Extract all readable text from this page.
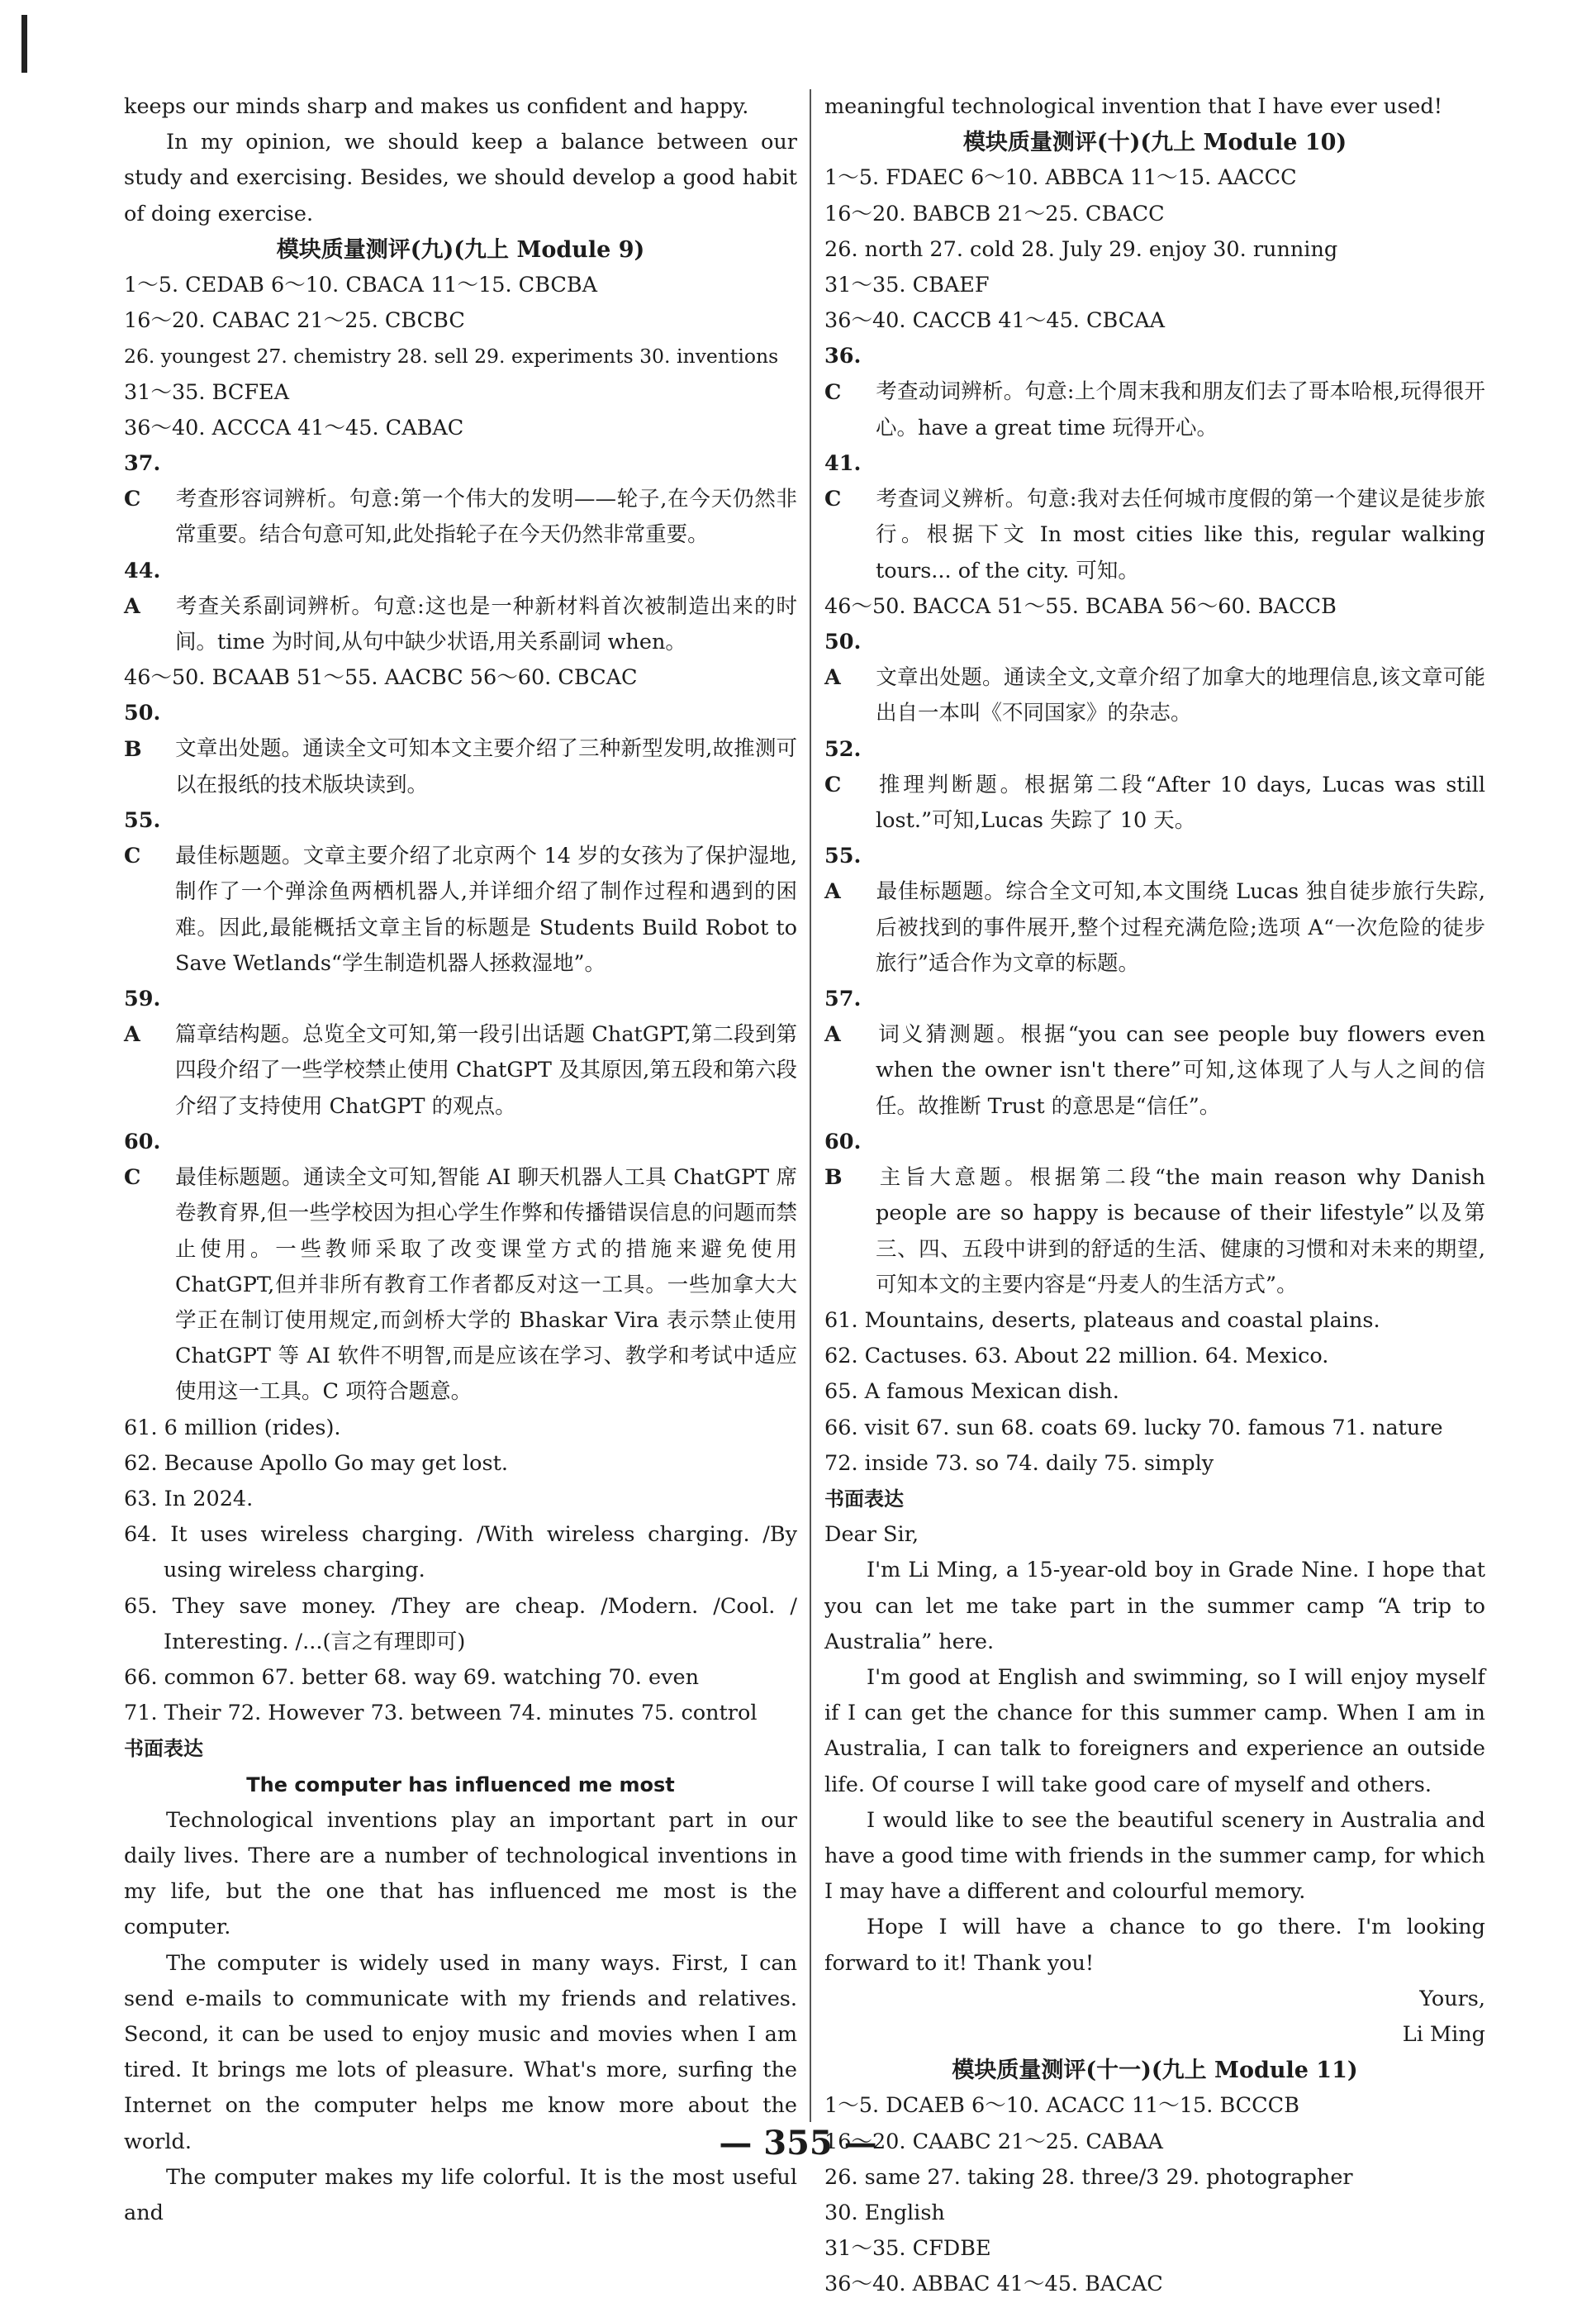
keeps our minds sharp and makes us confident and happy.

In my opinion, we should keep a balance between our study and exercising. Besides, we should develop a good habit of doing exercise.

模块质量测评(九)(九上 Module 9)

1～5. CEDAB 6～10. CBACA 11～15. CBCBA

16～20. CABAC 21～25. CBCBC

26. youngest 27. chemistry 28. sell 29. experiments 30. inventions

31～35. BCFEA

36～40. ACCCA 41～45. CABAC

37. C 考查形容词辨析。句意:第一个伟大的发明——轮子,在今天仍然非常重要。结合句意可知,此处指轮子在今天仍然非常重要。

44. A 考查关系副词辨析。句意:这也是一种新材料首次被制造出来的时间。time 为时间,从句中缺少状语,用关系副词 when。

46～50. BCAAB 51～55. AACBC 56～60. CBCAC

50. B 文章出处题。通读全文可知本文主要介绍了三种新型发明,故推测可以在报纸的技术版块读到。

55. C 最佳标题题。文章主要介绍了北京两个 14 岁的女孩为了保护湿地,制作了一个弹涂鱼两栖机器人,并详细介绍了制作过程和遇到的困难。因此,最能概括文章主旨的标题是 Students Build Robot to Save Wetlands“学生制造机器人拯救湿地”。

59. A 篇章结构题。总览全文可知,第一段引出话题 ChatGPT,第二段到第四段介绍了一些学校禁止使用 ChatGPT 及其原因,第五段和第六段介绍了支持使用 ChatGPT 的观点。

60. C 最佳标题题。通读全文可知,智能 AI 聊天机器人工具 ChatGPT 席卷教育界,但一些学校因为担心学生作弊和传播错误信息的问题而禁止使用。一些教师采取了改变课堂方式的措施来避免使用 ChatGPT,但并非所有教育工作者都反对这一工具。一些加拿大大学正在制订使用规定,而剑桥大学的 Bhaskar Vira 表示禁止使用 ChatGPT 等 AI 软件不明智,而是应该在学习、教学和考试中适应使用这一工具。C 项符合题意。

61. 6 million (rides).

62. Because Apollo Go may get lost.

63. In 2024.

64. It uses wireless charging. /With wireless charging. /By using wireless charging.

65. They save money. /They are cheap. /Modern. /Cool. / Interesting. /...(言之有理即可)

66. common 67. better 68. way 69. watching 70. even

71. Their 72. However 73. between 74. minutes 75. control

书面表达

The computer has influenced me most

Technological inventions play an important part in our daily lives. There are a number of technological inventions in my life, but the one that has influenced me most is the computer.

The computer is widely used in many ways. First, I can send e-mails to communicate with my friends and relatives. Second, it can be used to enjoy music and movies when I am tired. It brings me lots of pleasure. What's more, surfing the Internet on the computer helps me know more about the world.

The computer makes my life colorful. It is the most useful and

meaningful technological invention that I have ever used!

模块质量测评(十)(九上 Module 10)

1～5. FDAEC 6～10. ABBCA 11～15. AACCC

16～20. BABCB 21～25. CBACC

26. north 27. cold 28. July 29. enjoy 30. running

31～35. CBAEF

36～40. CACCB 41～45. CBCAA

36. C 考查动词辨析。句意:上个周末我和朋友们去了哥本哈根,玩得很开心。have a great time 玩得开心。

41. C 考查词义辨析。句意:我对去任何城市度假的第一个建议是徒步旅行。根据下文 In most cities like this, regular walking tours... of the city. 可知。

46～50. BACCA 51～55. BCABA 56～60. BACCB

50. A 文章出处题。通读全文,文章介绍了加拿大的地理信息,该文章可能出自一本叫《不同国家》的杂志。

52. C 推理判断题。根据第二段“After 10 days, Lucas was still lost.”可知,Lucas 失踪了 10 天。

55. A 最佳标题题。综合全文可知,本文围绕 Lucas 独自徒步旅行失踪,后被找到的事件展开,整个过程充满危险;选项 A“一次危险的徒步旅行”适合作为文章的标题。

57. A 词义猜测题。根据“you can see people buy flowers even when the owner isn't there”可知,这体现了人与人之间的信任。故推断 Trust 的意思是“信任”。

60. B 主旨大意题。根据第二段“the main reason why Danish people are so happy is because of their lifestyle”以及第三、四、五段中讲到的舒适的生活、健康的习惯和对未来的期望,可知本文的主要内容是“丹麦人的生活方式”。

61. Mountains, deserts, plateaus and coastal plains.

62. Cactuses. 63. About 22 million. 64. Mexico.

65. A famous Mexican dish.

66. visit 67. sun 68. coats 69. lucky 70. famous 71. nature

72. inside 73. so 74. daily 75. simply

书面表达

Dear Sir,

I'm Li Ming, a 15-year-old boy in Grade Nine. I hope that you can let me take part in the summer camp “A trip to Australia” here.

I'm good at English and swimming, so I will enjoy myself if I can get the chance for this summer camp. When I am in Australia, I can talk to foreigners and experience an outside life. Of course I will take good care of myself and others.

I would like to see the beautiful scenery in Australia and have a good time with friends in the summer camp, for which I may have a different and colourful memory.

Hope I will have a chance to go there. I'm looking forward to it! Thank you!

Yours,

Li Ming

模块质量测评(十一)(九上 Module 11)

1～5. DCAEB 6～10. ACACC 11～15. BCCCB

16～20. CAABC 21～25. CABAA

26. same 27. taking 28. three/3 29. photographer

30. English

31～35. CFDBE

36～40. ABBAC 41～45. BACAC

— 355 —
